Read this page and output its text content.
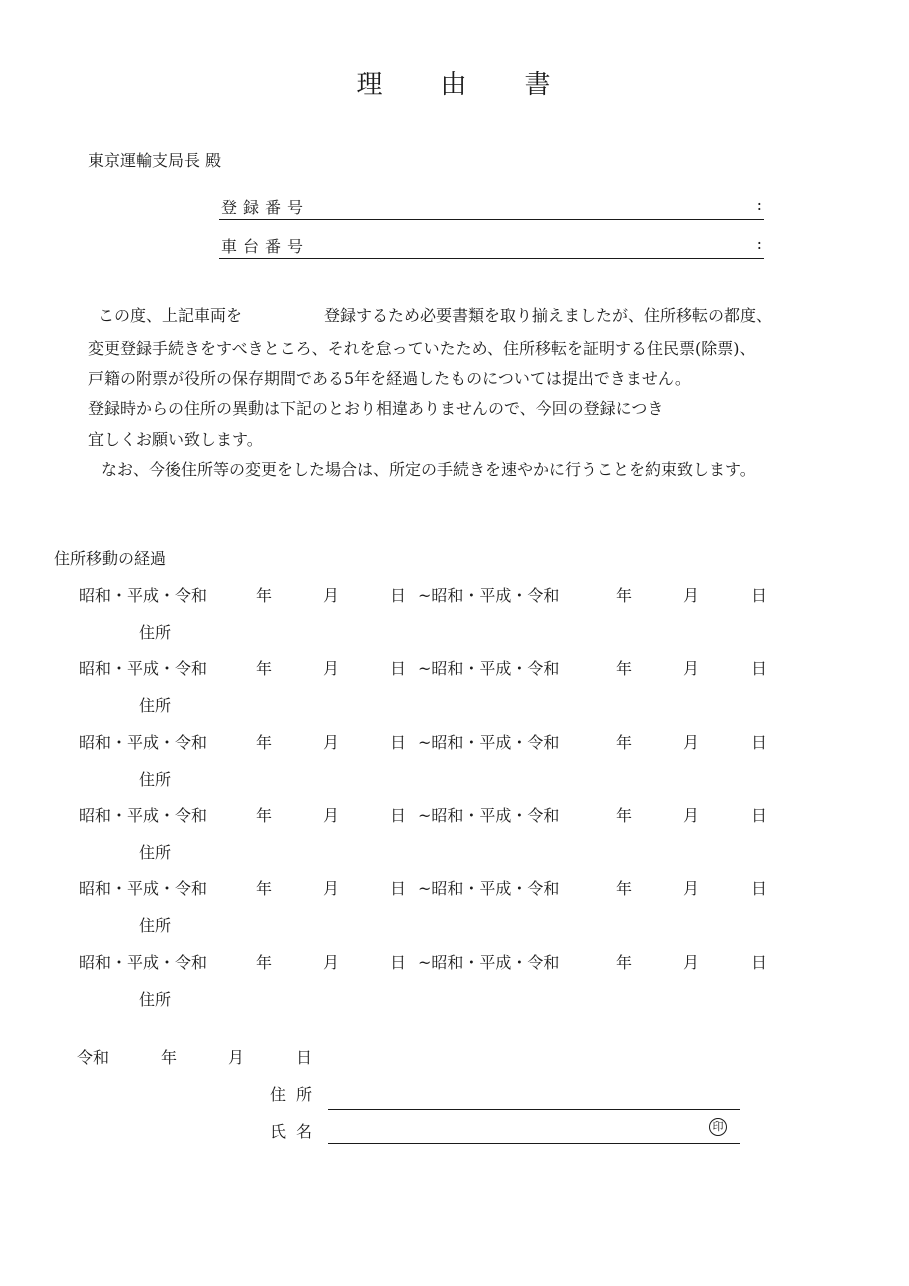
理 由 書
東京運輸支局長 殿
登録番号	:
車台番号	:
この度、上記車両を	登録するため必要書類を取り揃えましたが、住所移転の都度、
変更登録手続きをすべきところ、それを怠っていたため、住所移転を証明する住民票(除票)、
戸籍の附票が役所の保存期間である5年を経過したものについては提出できません。
登録時からの住所の異動は下記のとおり相違ありませんので、今回の登録につき
宜しくお願い致します。
なお、今後住所等の変更をした場合は、所定の手続きを速やかに行うことを約束致します。
住所移動の経過
昭和・平成・令和	年	月	日 ~昭和・平成・令和	年	月	日
住所
昭和・平成・令和	年	月	日 ~昭和・平成・令和	年	月	日
住所
昭和・平成・令和	年	月	日 ~昭和・平成・令和	年	月	日
住所
昭和・平成・令和	年	月	日 ~昭和・平成・令和	年	月	日
住所
昭和・平成・令和	年	月	日 ~昭和・平成・令和	年	月	日
住所
昭和・平成・令和	年	月	日 ~昭和・平成・令和	年	月	日
住所
令和	年	月	日
住所
氏名	印
